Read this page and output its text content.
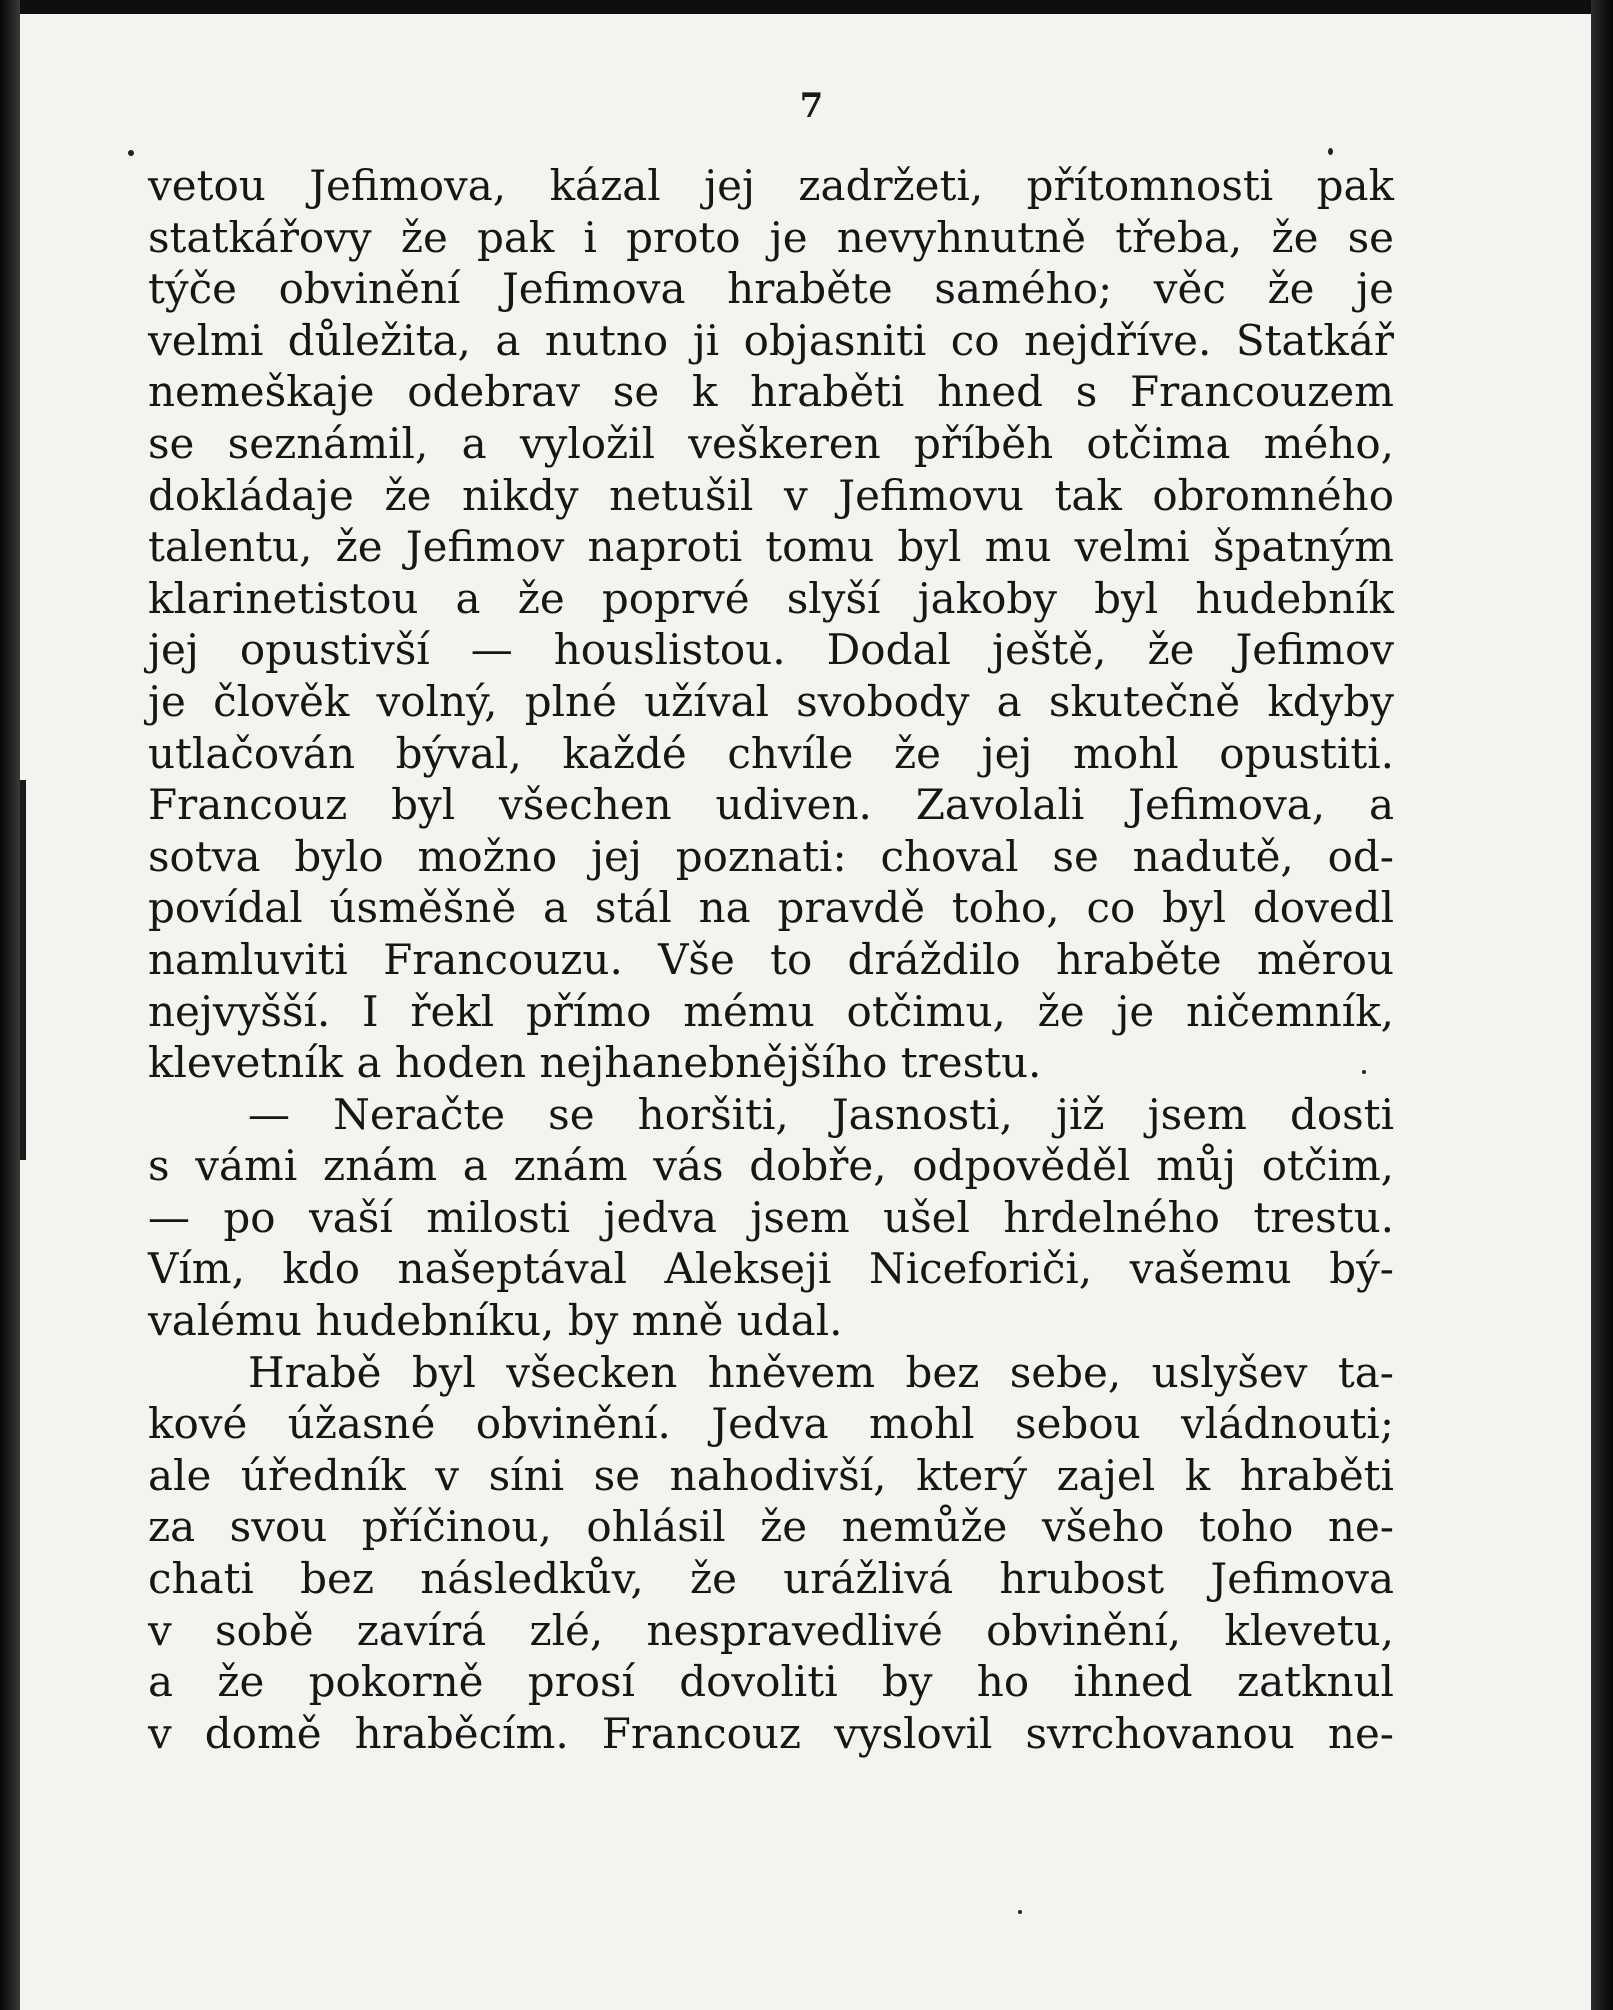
7
vetou Jefimova, kázal jej zadržeti, přítomnosti pak
statkářovy že pak i proto je nevyhnutně třeba, že se
týče obvinění Jefimova hraběte samého; věc že je
velmi důležita, a nutno ji objasniti co nejdříve. Statkář
nemeškaje odebrav se k hraběti hned s Francouzem
se seznámil, a vyložil veškeren příběh otčima mého,
dokládaje že nikdy netušil v Jefimovu tak obromného
talentu, že Jefimov naproti tomu byl mu velmi špatným
klarinetistou a že poprvé slyší jakoby byl hudebník
jej opustivší — houslistou. Dodal ještě, že Jefimov
je člověk volný, plné užíval svobody a skutečně kdyby
utlačován býval, každé chvíle že jej mohl opustiti.
Francouz byl všechen udiven. Zavolali Jefimova, a
sotva bylo možno jej poznati: choval se nadutě, od-
povídal úsměšně a stál na pravdě toho, co byl dovedl
namluviti Francouzu. Vše to dráždilo hraběte měrou
nejvyšší. I řekl přímo mému otčimu, že je ničemník,
klevetník a hoden nejhanebnějšího trestu.
— Neračte se horšiti, Jasnosti, již jsem dosti
s vámi znám a znám vás dobře, odpověděl můj otčim,
— po vaší milosti jedva jsem ušel hrdelného trestu.
Vím, kdo našeptával Alekseji Niceforiči, vašemu bý-
valému hudebníku, by mně udal.
Hrabě byl všecken hněvem bez sebe, uslyšev ta-
kové úžasné obvinění. Jedva mohl sebou vládnouti;
ale úředník v síni se nahodivší, který zajel k hraběti
za svou příčinou, ohlásil že nemůže všeho toho ne-
chati bez následkův, že urážlivá hrubost Jefimova
v sobě zavírá zlé, nespravedlivé obvinění, klevetu,
a že pokorně prosí dovoliti by ho ihned zatknul
v domě hraběcím. Francouz vyslovil svrchovanou ne-
